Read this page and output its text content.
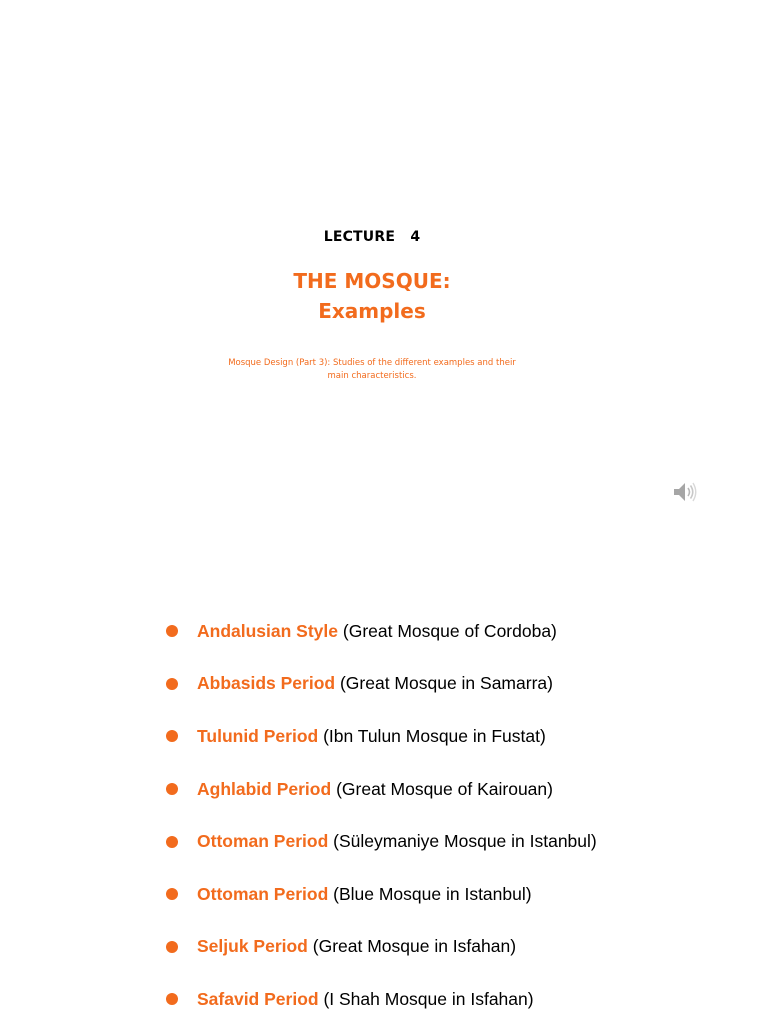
LECTURE   4
THE MOSQUE:
Examples
Mosque Design (Part 3): Studies of the different examples and their main characteristics.
Andalusian Style (Great Mosque of Cordoba)
Abbasids Period (Great Mosque in Samarra)
Tulunid Period (Ibn Tulun Mosque in Fustat)
Aghlabid Period (Great Mosque of Kairouan)
Ottoman Period (Süleymaniye Mosque in Istanbul)
Ottoman Period (Blue Mosque in Istanbul)
Seljuk Period (Great Mosque in Isfahan)
Safavid Period (I Shah Mosque in Isfahan)
